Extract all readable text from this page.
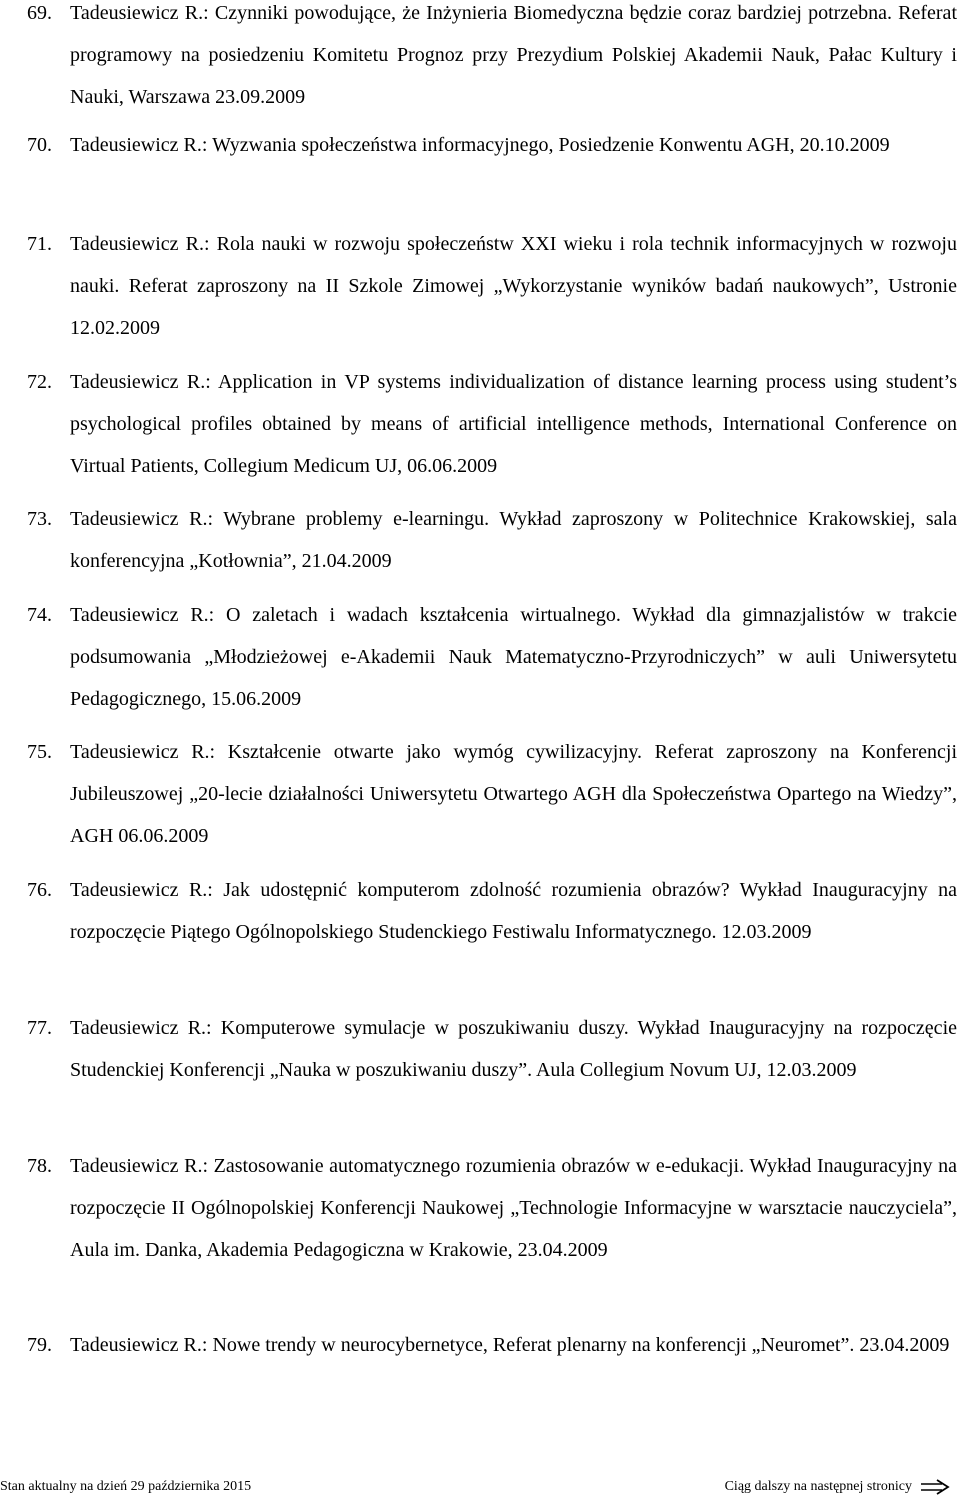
69. Tadeusiewicz R.: Czynniki powodujące, że Inżynieria Biomedyczna będzie coraz bardziej potrzebna. Referat programowy na posiedzeniu Komitetu Prognoz przy Prezydium Polskiej Akademii Nauk, Pałac Kultury i Nauki, Warszawa 23.09.2009
70. Tadeusiewicz R.: Wyzwania społeczeństwa informacyjnego, Posiedzenie Konwentu AGH, 20.10.2009
71. Tadeusiewicz R.: Rola nauki w rozwoju społeczeństw XXI wieku i rola technik informacyjnych w rozwoju nauki. Referat zaproszony na II Szkole Zimowej „Wykorzystanie wyników badań naukowych”, Ustronie 12.02.2009
72. Tadeusiewicz R.: Application in VP systems individualization of distance learning process using student’s psychological profiles obtained by means of artificial intelligence methods, International Conference on Virtual Patients, Collegium Medicum UJ, 06.06.2009
73. Tadeusiewicz R.: Wybrane problemy e-learningu. Wykład zaproszony w Politechnice Krakowskiej, sala konferencyjna „Kotłownia”, 21.04.2009
74. Tadeusiewicz R.: O zaletach i wadach kształcenia wirtualnego. Wykład dla gimnazjalistów w trakcie podsumowania „Młodzieżowej e-Akademii Nauk Matematyczno-Przyrodniczych” w auli Uniwersytetu Pedagogicznego, 15.06.2009
75. Tadeusiewicz R.: Kształcenie otwarte jako wymóg cywilizacyjny. Referat zaproszony na Konferencji Jubileuszowej „20-lecie działalności Uniwersytetu Otwartego AGH dla Społeczeństwa Opartego na Wiedzy”, AGH 06.06.2009
76. Tadeusiewicz R.: Jak udostępnić komputerom zdolność rozumienia obrazów? Wykład Inauguracyjny na rozpoczęcie Piątego Ogólnopolskiego Studenckiego Festiwalu Informatycznego. 12.03.2009
77. Tadeusiewicz R.: Komputerowe symulacje w poszukiwaniu duszy. Wykład Inauguracyjny na rozpoczęcie Studenckiej Konferencji „Nauka w poszukiwaniu duszy”. Aula Collegium Novum UJ, 12.03.2009
78. Tadeusiewicz R.: Zastosowanie automatycznego rozumienia obrazów w e-edukacji. Wykład Inauguracyjny na rozpoczęcie II Ogólnopolskiej Konferencji Naukowej „Technologie Informacyjne w warsztacie nauczyciela”, Aula im. Danka, Akademia Pedagogiczna w Krakowie, 23.04.2009
79. Tadeusiewicz R.: Nowe trendy w neurocybernetyce, Referat plenarny na konferencji „Neuromet”. 23.04.2009
Stan aktualny na dzień 29 października 2015	Ciąg dalszy na następnej stronicy
